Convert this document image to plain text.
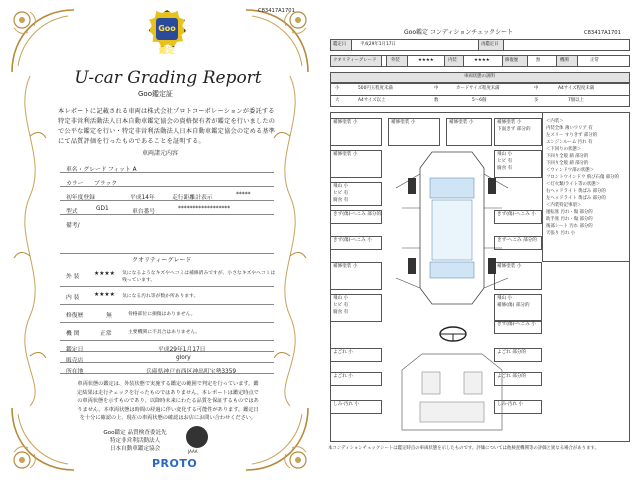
C83417A1701
Goo鑑定
U-car Grading Report
Goo鑑定証
本レポートに記載される車両は株式会社プロトコーポレーションが委託する特定非営利活動法人日本自動車鑑定協会の資格保有者が鑑定を行いましたので公平な鑑定を行い・特定非営利活動法人日本自動車鑑定協会の定める基準にて品質評価を行ったものであることを証明する。
車両諸元内容
車名・グレード フィット A
カラー ブラック
初年度登録	平成14年	走行距離計表示	*****
型式	GD1	車台番号	******************
備考/
クオリティーグレード
外 装	★★★★ 気になるようなキズやヘコミは補修済みですが、小さなキズやヘコミは
残っています。
内 装	★★★★ 気になる汚れ等が数か所あります。
修復歴	無	骨格部位に損傷はありません。
機 関	正常	主要機関に不具合はありません。
鑑定日	平成29年1月17日
販売店	glory
所在地	兵庫県神戸市西区神出町宝勢3359
車両状態の鑑定は、外装状態で実施する鑑定の範囲で判定を行っています。鑑定結果は走行チェックを行ったものではありません。本レポートは鑑定時点での車両状態を示すものであり、以降時未来にわたる品質を保証するものではありません。本車両状態は時間の経過に伴い変化する可能性があります。鑑定日を十分に確認の上、現在の車両状態の確認はお店にお問い合わせください。
Goo鑑定 品質検査委託先
特定非営利活動法人
日本自動車鑑定協会	JAAA
PROTO
Goo鑑定 コンディションチェックシート	C83417A1701
鑑定日	平成29年1月17日	再鑑定日
クオリティーグレード	外装	★★★★	内装	★★★★	修復歴	無	機関	正常
車両状態の説明
小	500円玉程度未満	中	カードサイズ程度未満	中	A4サイズ程度未満
大	A4サイズ以上	数	5〜6個	多	7個以上
補修塗装 小	補修塗装 小	補修塗装 小	補修塗装 小
下面きず 部分的
補修塗装 小
飛山 小
ヒビ 有
腐食 有
飛山 小
ヒビ 有
腐食 有
きず(傷)-へこみ 部分的
きず(傷)-へこみ 小
きず(傷)-へこみ 小
きず-へこみ 部分的
補修塗装 小	補修塗装 小
飛山 小
ヒビ 有
腐食 有
飛山 小
補修(傷) 部分的
きず(傷)-へこみ 小
よごれ 小
よごれ 小
よごれ 部分的
よごれ 部分的
しみ-汚れ 小	しみ-汚れ 小
＜内装＞
内装全体 薄いワリア 有
左スリー すりきず 部分的
エンジンルーム 汚れ 有
＜下回りの状態＞
下回り全般 錆 部分的
下回り全般 錆 部分的
＜ウィンドウ部の状態＞
フロントウインドウ 飛び石傷 部分的
＜灯火類/ライト等の状態＞
右ヘッドライト 黄ばみ 部分的
左ヘッドライト 黄ばみ 部分的
＜内装特記事項＞
運転席 汚れ・傷 部分的
助手席 汚れ・傷 部分的
後部シート 汚れ 部分的
天張り 汚れ 小
本コンディションチェックシートは鑑定時点の車両状態を示したものです。評価については他検査機関等の評価と異なる場合があります。
